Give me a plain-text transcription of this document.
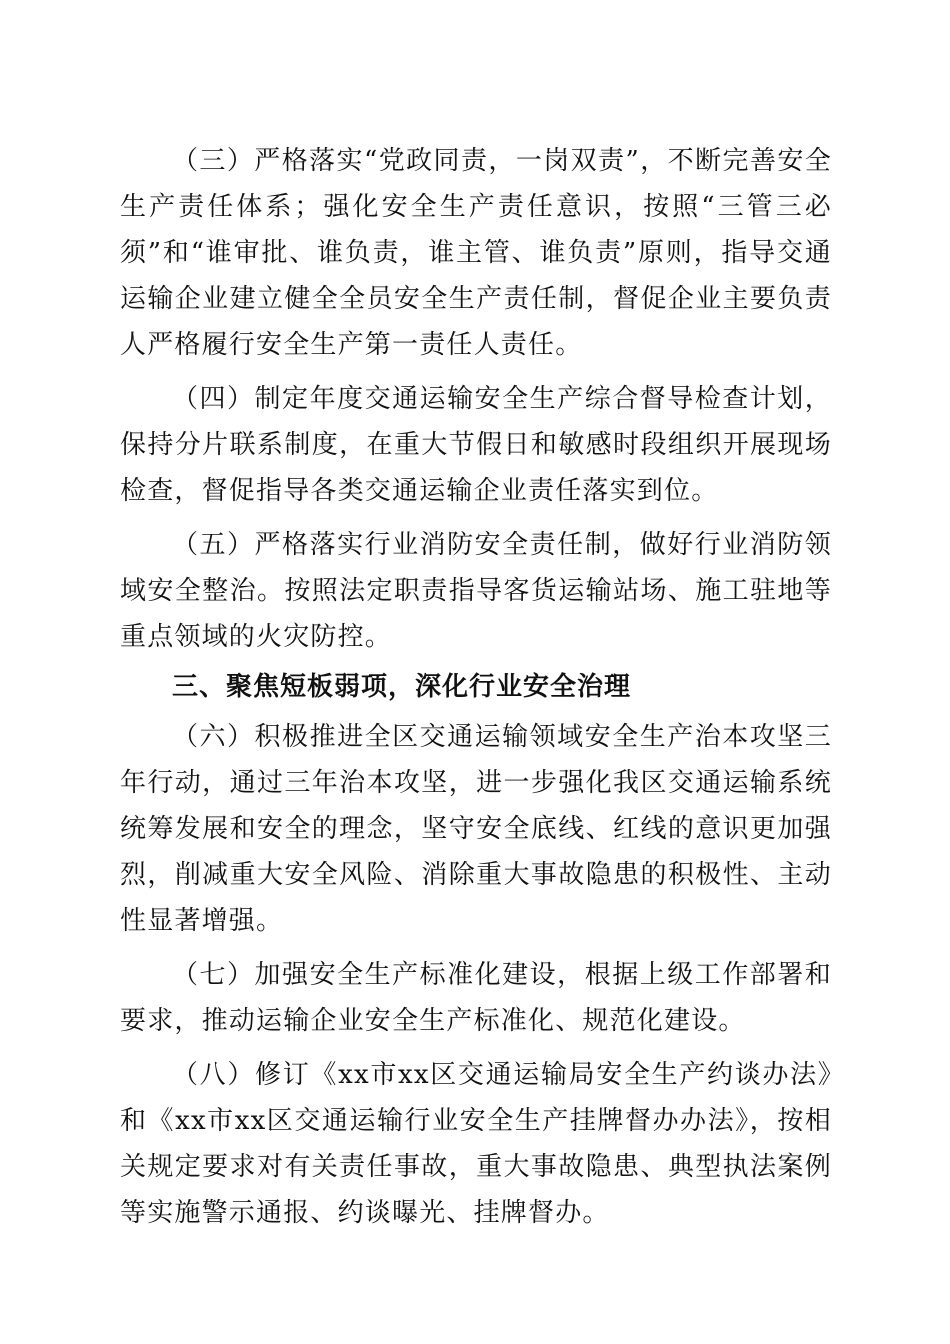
（三）严格落实“党政同责，一岗双责”，不断完善安全生产责任体系；强化安全生产责任意识，按照“三管三必须”和“谁审批、谁负责，谁主管、谁负责”原则，指导交通运输企业建立健全全员安全生产责任制，督促企业主要负责人严格履行安全生产第一责任人责任。

（四）制定年度交通运输安全生产综合督导检查计划，保持分片联系制度，在重大节假日和敏感时段组织开展现场检查，督促指导各类交通运输企业责任落实到位。

（五）严格落实行业消防安全责任制，做好行业消防领域安全整治。按照法定职责指导客货运输站场、施工驻地等重点领域的火灾防控。

三、聚焦短板弱项，深化行业安全治理

（六）积极推进全区交通运输领域安全生产治本攻坚三年行动，通过三年治本攻坚，进一步强化我区交通运输系统统筹发展和安全的理念，坚守安全底线、红线的意识更加强烈，削减重大安全风险、消除重大事故隐患的积极性、主动性显著增强。

（七）加强安全生产标准化建设，根据上级工作部署和要求，推动运输企业安全生产标准化、规范化建设。

（八）修订《xx市xx区交通运输局安全生产约谈办法》和《xx市xx区交通运输行业安全生产挂牌督办办法》，按相关规定要求对有关责任事故，重大事故隐患、典型执法案例等实施警示通报、约谈曝光、挂牌督办。
